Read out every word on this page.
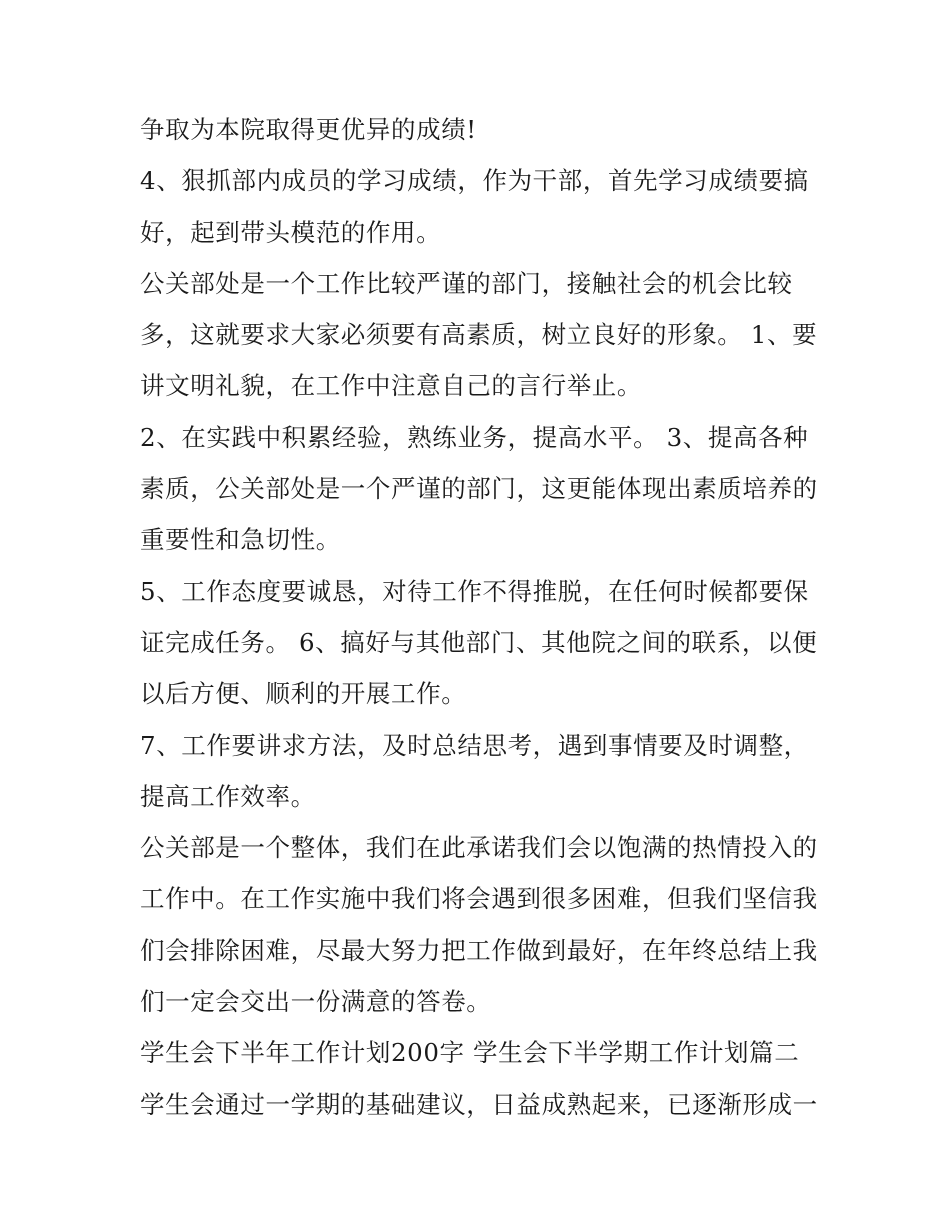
争取为本院取得更优异的成绩!

4、狠抓部内成员的学习成绩，作为干部，首先学习成绩要搞好，起到带头模范的作用。

公关部处是一个工作比较严谨的部门，接触社会的机会比较多，这就要求大家必须要有高素质，树立良好的形象。 1、要讲文明礼貌，在工作中注意自己的言行举止。

2、在实践中积累经验，熟练业务，提高水平。 3、提高各种素质，公关部处是一个严谨的部门，这更能体现出素质培养的重要性和急切性。

5、工作态度要诚恳，对待工作不得推脱，在任何时候都要保证完成任务。 6、搞好与其他部门、其他院之间的联系，以便以后方便、顺利的开展工作。

7、工作要讲求方法，及时总结思考，遇到事情要及时调整，提高工作效率。

公关部是一个整体，我们在此承诺我们会以饱满的热情投入的工作中。在工作实施中我们将会遇到很多困难，但我们坚信我们会排除困难，尽最大努力把工作做到最好，在年终总结上我们一定会交出一份满意的答卷。

学生会下半年工作计划200字 学生会下半学期工作计划篇二

学生会通过一学期的基础建议，日益成熟起来，已逐渐形成一
